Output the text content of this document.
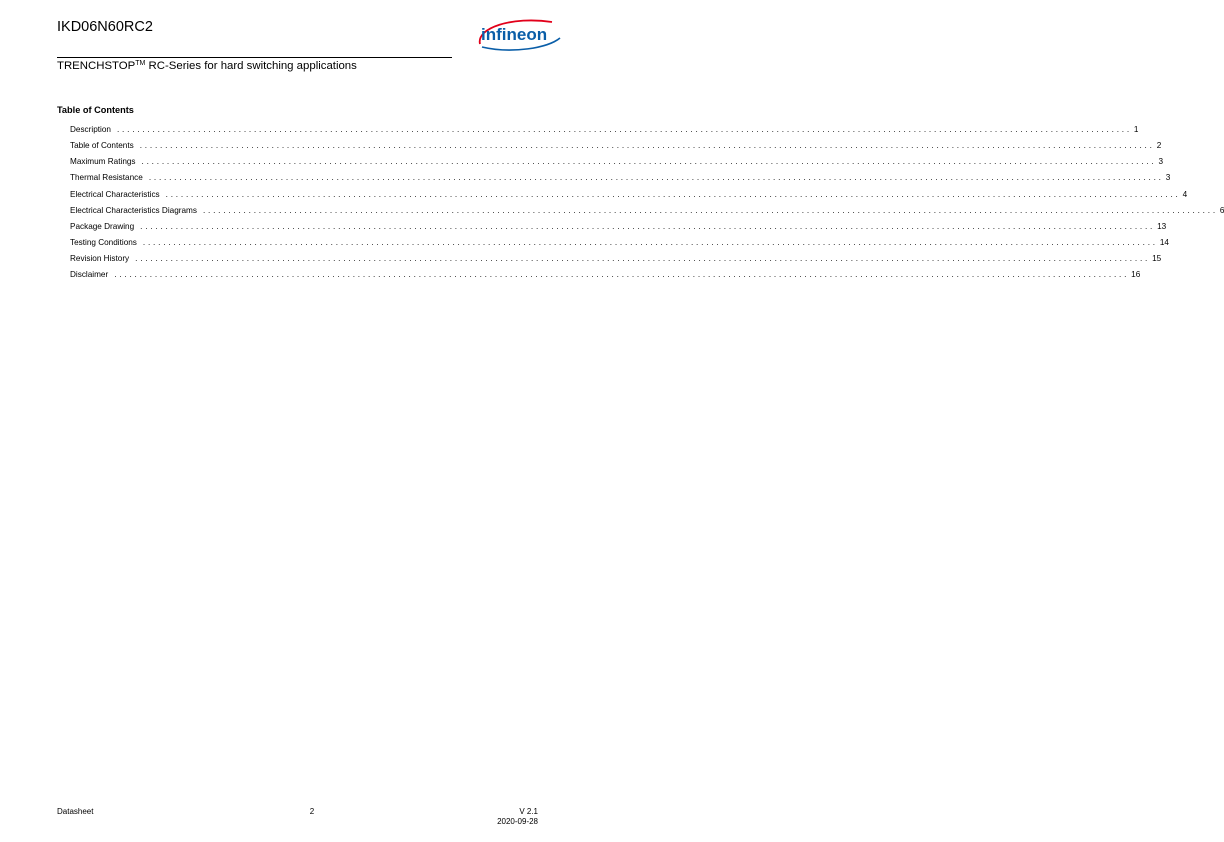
IKD06N60RC2	infineon
TRENCHSTOP™ RC-Series for hard switching applications
Table of Contents
Description ........................................................................................................................................................................................................ 1
Table of Contents ........................................................................................................................................................................................................ 2
Maximum Ratings ........................................................................................................................................................................................................ 3
Thermal Resistance ........................................................................................................................................................................................................ 3
Electrical Characteristics ........................................................................................................................................................................................................ 4
Electrical Characteristics Diagrams ........................................................................................................................................................................................................ 6
Package Drawing ........................................................................................................................................................................................................ 13
Testing Conditions ........................................................................................................................................................................................................ 14
Revision History ........................................................................................................................................................................................................ 15
Disclaimer ........................................................................................................................................................................................................ 16
Datasheet	2	V 2.1
2020-09-28
